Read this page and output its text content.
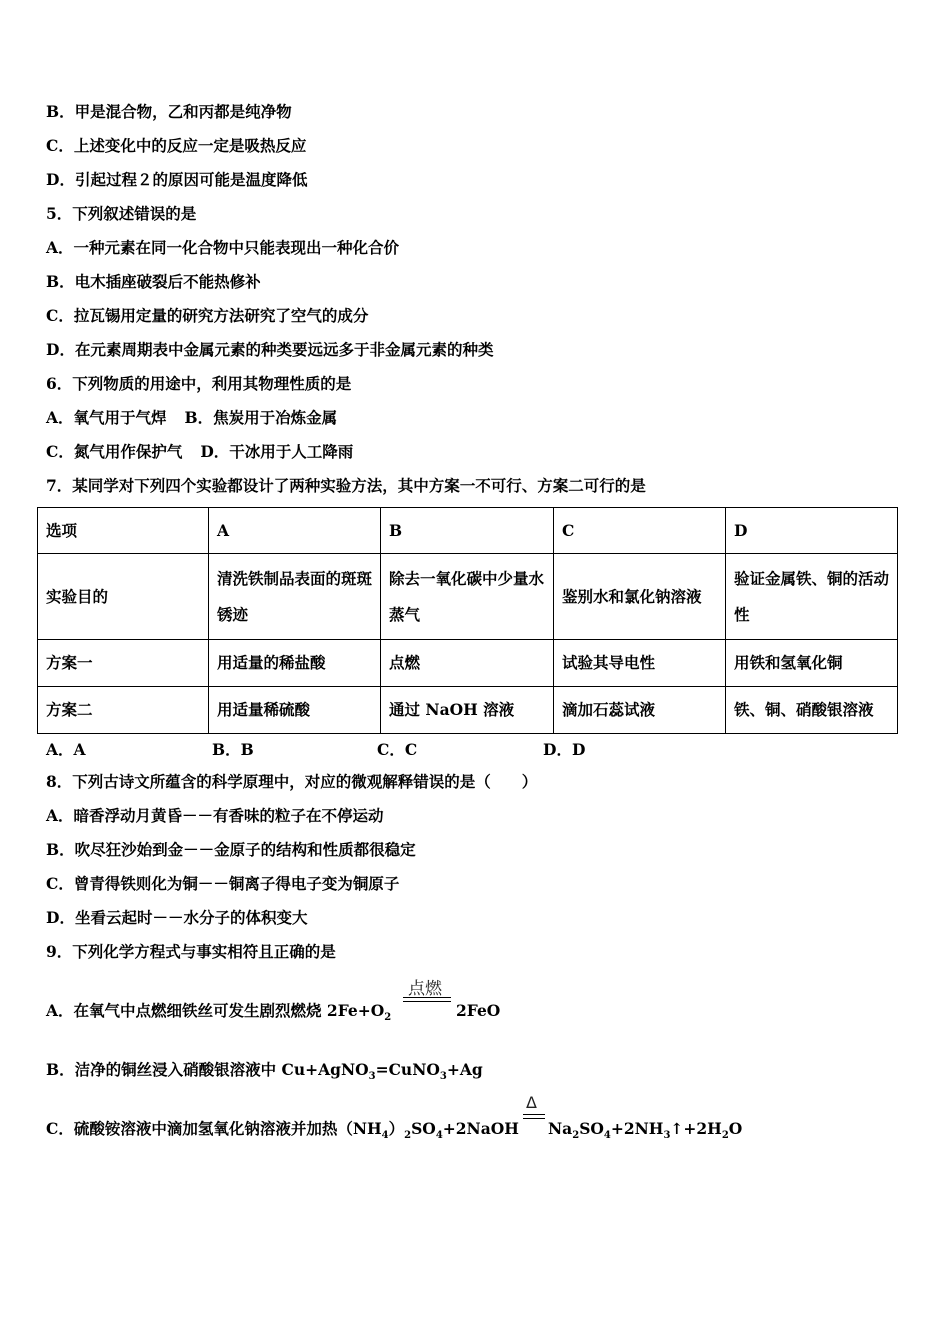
B．甲是混合物，乙和丙都是纯净物
C．上述变化中的反应一定是吸热反应
D．引起过程２的原因可能是温度降低
5．下列叙述错误的是
A．一种元素在同一化合物中只能表现出一种化合价
B．电木插座破裂后不能热修补
C．拉瓦锡用定量的研究方法研究了空气的成分
D．在元素周期表中金属元素的种类要远远多于非金属元素的种类
6．下列物质的用途中，利用其物理性质的是
A．氧气用于气焊 B．焦炭用于冶炼金属
C．氮气用作保护气 D．干冰用于人工降雨
7．某同学对下列四个实验都设计了两种实验方法，其中方案一不可行、方案二可行的是
选项	A	B	C	D
实验目的	清洗铁制品表面的斑斑锈迹	除去一氧化碳中少量水蒸气	鉴别水和氯化钠溶液	验证金属铁、铜的活动性
方案一	用适量的稀盐酸	点燃	试验其导电性	用铁和氢氧化铜
方案二	用适量稀硫酸	通过 NaOH 溶液	滴加石蕊试液	铁、铜、硝酸银溶液
A．A	B．B	C．C	D．D
8．下列古诗文所蕴含的科学原理中，对应的微观解释错误的是（　　）
A．暗香浮动月黄昏－－有香味的粒子在不停运动
B．吹尽狂沙始到金－－金原子的结构和性质都很稳定
C．曾青得铁则化为铜－－铜离子得电子变为铜原子
D．坐看云起时－－水分子的体积变大
9．下列化学方程式与事实相符且正确的是
A．在氧气中点燃细铁丝可发生剧烈燃烧 $2Fe+O_2$
点燃
2FeO
B．洁净的铜丝浸入硝酸银溶液中 Cu+AgNO$_3$=CuNO$_3$+Ag
C．硫酸铵溶液中滴加氢氧化钠溶液并加热$(NH_4)_2SO_4+2NaOH$
Δ
$Na_2SO_4+2NH_3↑+2H_2O$
